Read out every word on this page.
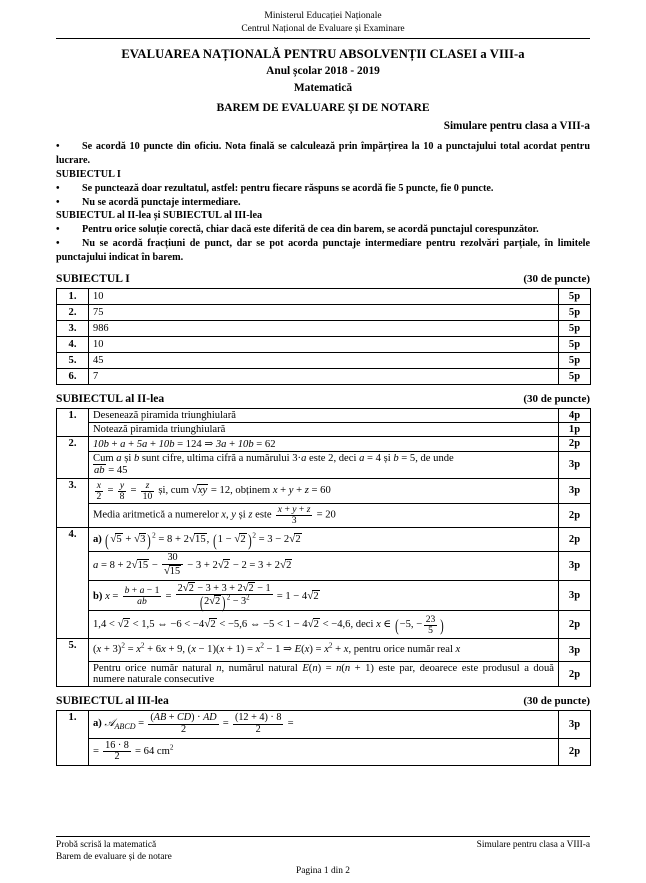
Ministerul Educației Naționale
Centrul Național de Evaluare și Examinare
EVALUAREA NAȚIONALĂ PENTRU ABSOLVENȚII CLASEI a VIII-a
Anul școlar 2018 - 2019
Matematică
BAREM DE EVALUARE ȘI DE NOTARE
Simulare pentru clasa a VIII-a

• Se acordă 10 puncte din oficiu. Nota finală se calculează prin împărțirea la 10 a punctajului total acordat pentru lucrare.

SUBIECTUL I

• Se punctează doar rezultatul, astfel: pentru fiecare răspuns se acordă fie 5 puncte, fie 0 puncte.

• Nu se acordă punctaje intermediare.

SUBIECTUL al II-lea și SUBIECTUL al III-lea

• Pentru orice soluție corectă, chiar dacă este diferită de cea din barem, se acordă punctajul corespunzător.

• Nu se acordă fracțiuni de punct, dar se pot acorda punctaje intermediare pentru rezolvări parțiale, în limitele punctajului indicat în barem.

SUBIECTUL I	(30 de puncte)
1.	10	5p
2.	75	5p
3.	986	5p
4.	10	5p
5.	45	5p
6.	7	5p
SUBIECTUL al II-lea	(30 de puncte)
1.	Desenează piramida triunghiulară	4p
	Notează piramida triunghiulară	1p
2.	10b + a + 5a + 10b = 124 ⇒ 3a + 10b = 62	2p
	Cum a și b sunt cifre, ultima cifră a numărului 3·a este 2, deci a = 4 și b = 5, de unde
ab = 45	3p
3.	$\frac{x}{2} = \frac{y}{8} = \frac{z}{10}$ și, cum √xy = 12, obținem x + y + z = 60	3p
	Media aritmetică a numerelor x, y și z este $\frac{x + y + z}{3} = 20$	2p
4.	a) (√5 + √3 )$^2$ = 8 + 2√15, (1 − √2 )$^2$ = 3 − 2√2	2p
	$a = 8 + 2√15 - \frac{30}{√15} - 3 + 2√2 - 2 = 3 + 2√2$	3p
b) $x = \frac{b + a - 1}{ab} = \frac{2√2 - 3 + 3 + 2√2 - 1}{(2√2 )^2 - 3^2} = 1 - 4√2$	3p
	1,4 < √2 < 1,5 ⇔ −6 < −4√2 < −5,6 ⇔ −5 < 1 − 4√2 < −4,6, deci x ∈ (−5, − $\frac{23}{5}$ )	2p
5.	$(x + 3)^2 = x^2 + 6x + 9$, $(x - 1)(x + 1) = x^2 - 1$ ⇒ $E(x) = x^2 + x$, pentru orice număr real x	3p
	Pentru orice număr natural n, numărul natural E(n) = n(n + 1) este par, deoarece este produsul a două numere naturale consecutive	2p
SUBIECTUL al III-lea	(30 de puncte)
1.	a) 𝒜$_{ABCD}$ = $\frac{(AB + CD) \cdot AD}{2} = \frac{(12 + 4) \cdot 8}{2}$ =	3p
	= $\frac{16 \cdot 8}{2} = 64$ $cm^2$	2p
Probă scrisă la matematică
Barem de evaluare și de notare
Simulare pentru clasa a VIII-a
Pagina 1 din 2
